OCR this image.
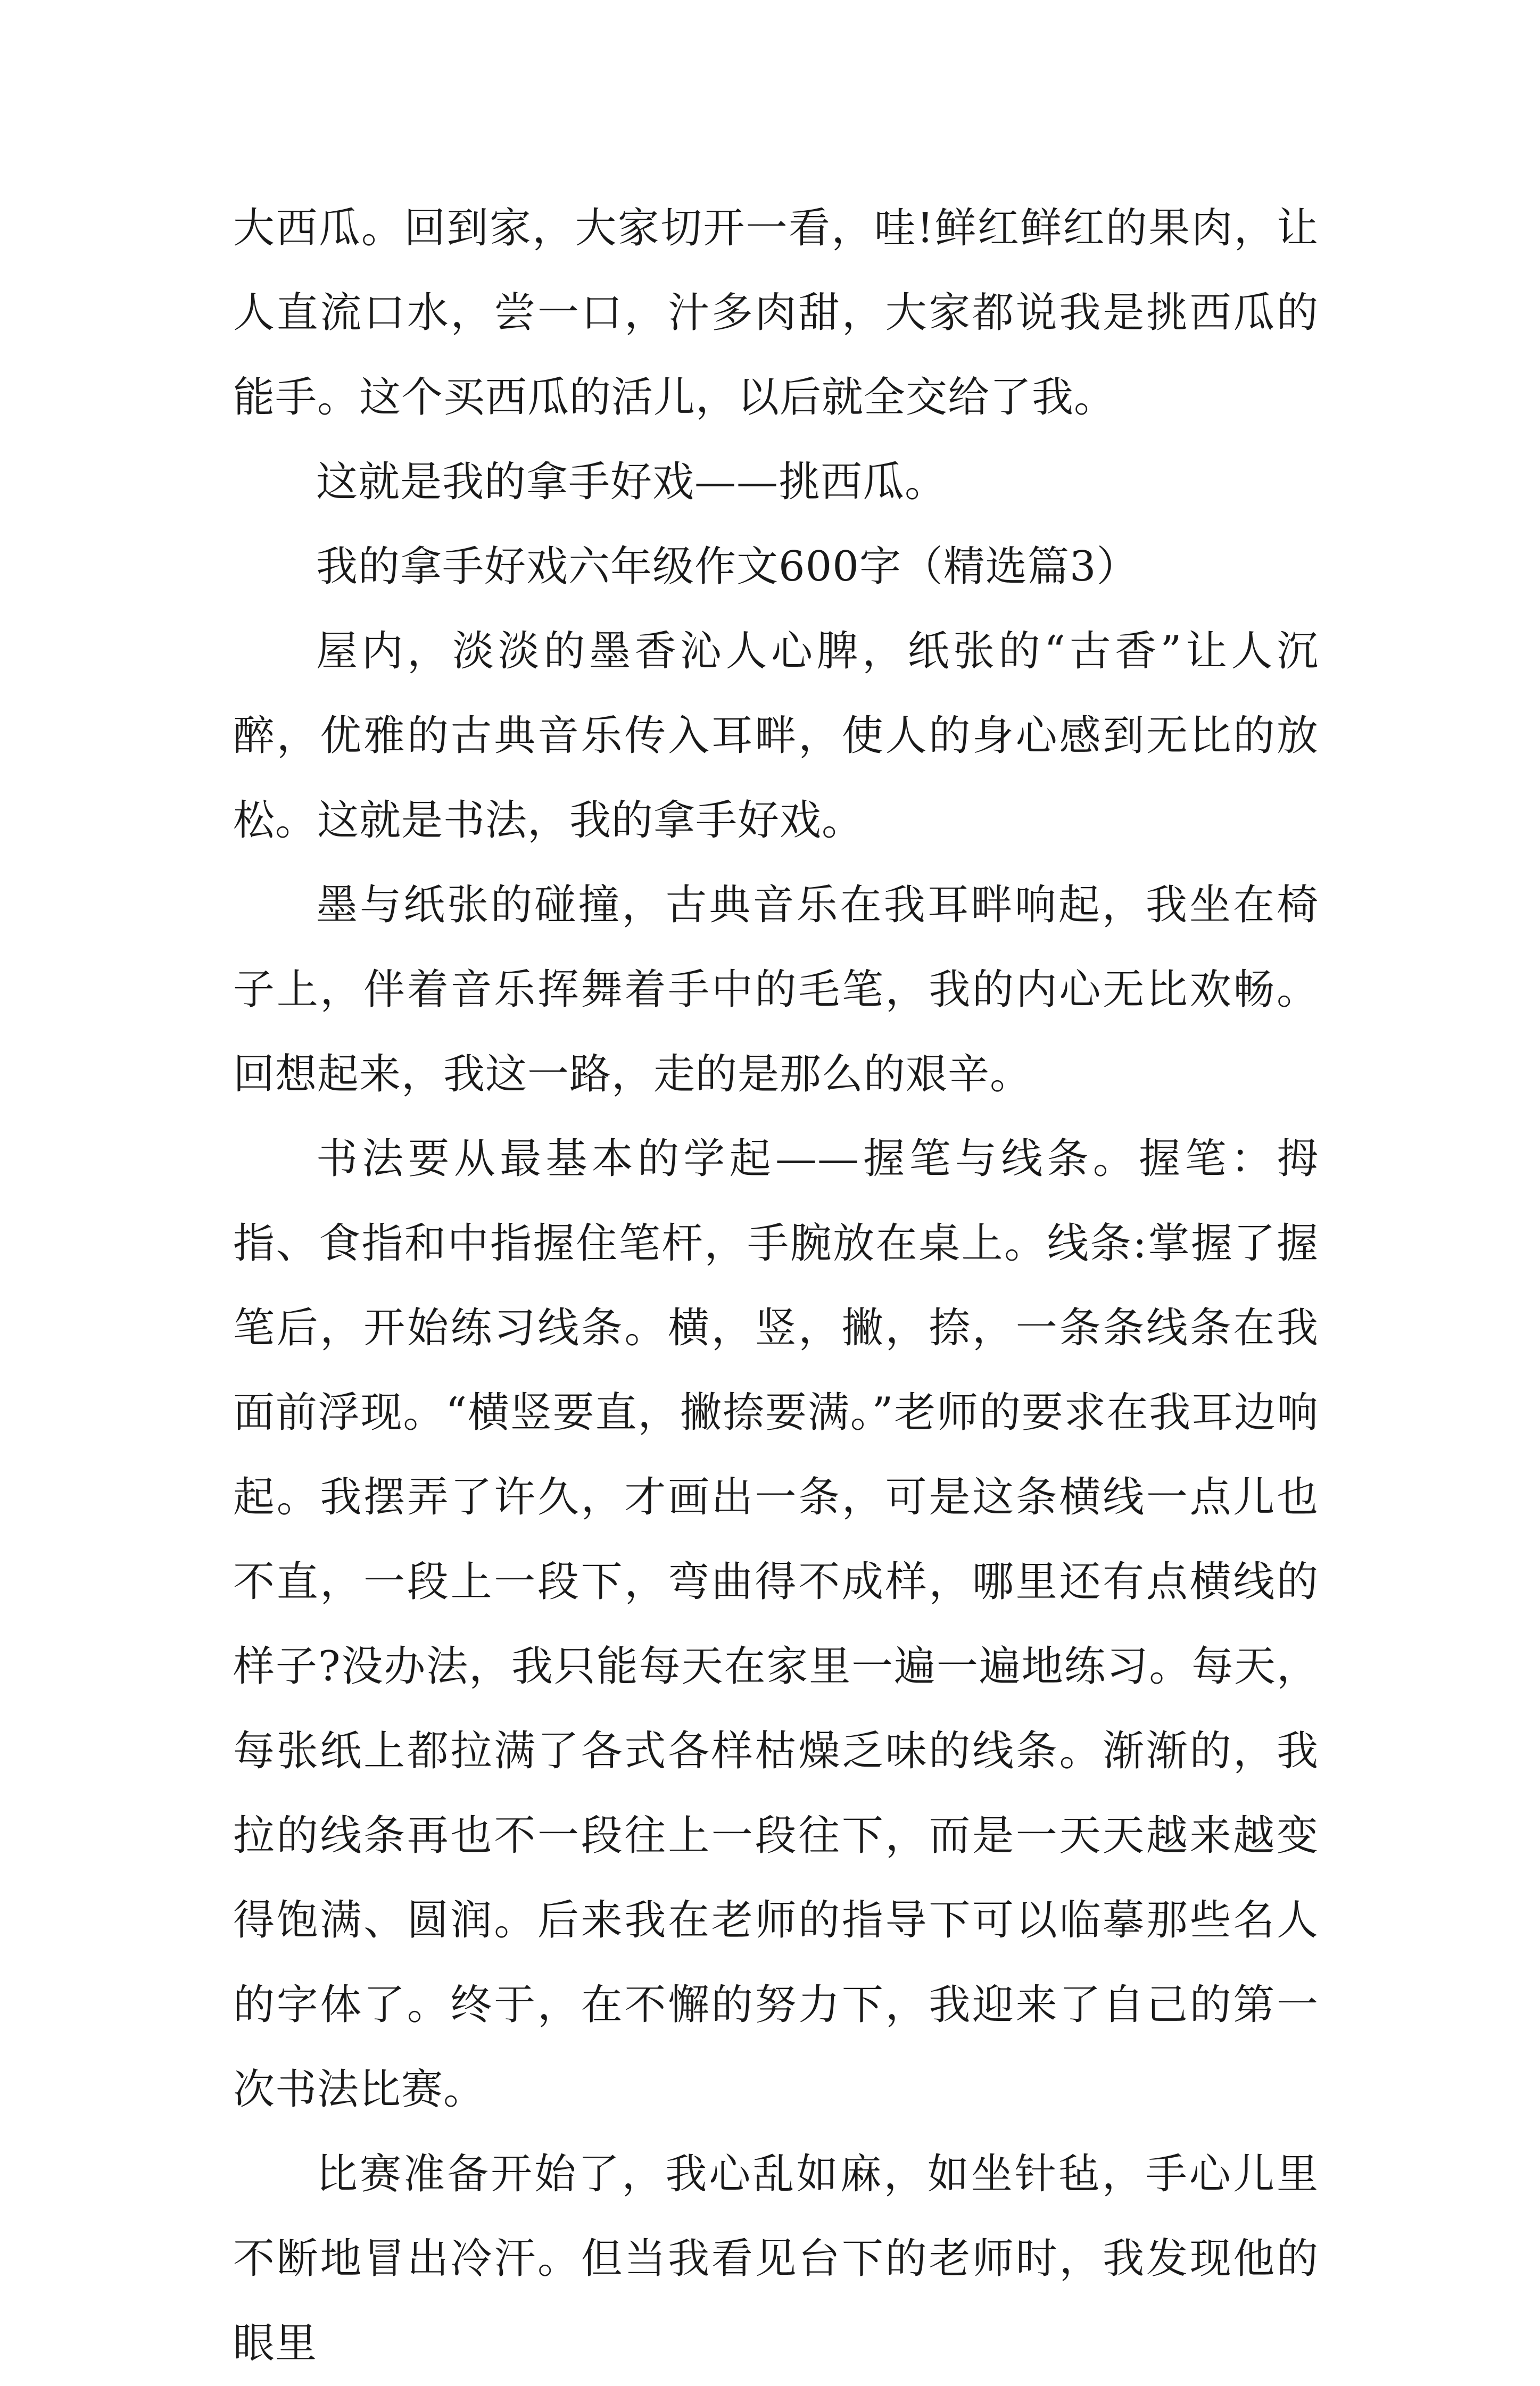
大西瓜。回到家，大家切开一看，哇!鲜红鲜红的果肉，让人直流口水，尝一口，汁多肉甜，大家都说我是挑西瓜的能手。这个买西瓜的活儿，以后就全交给了我。

这就是我的拿手好戏——挑西瓜。

我的拿手好戏六年级作文600字（精选篇3）

屋内，淡淡的墨香沁人心脾，纸张的“古香”让人沉醉，优雅的古典音乐传入耳畔，使人的身心感到无比的放松。这就是书法，我的拿手好戏。

墨与纸张的碰撞，古典音乐在我耳畔响起，我坐在椅子上，伴着音乐挥舞着手中的毛笔，我的内心无比欢畅。回想起来，我这一路，走的是那么的艰辛。

书法要从最基本的学起——握笔与线条。握笔：拇指、食指和中指握住笔杆，手腕放在桌上。线条:掌握了握笔后，开始练习线条。横，竖，撇，捺，一条条线条在我面前浮现。“横竖要直，撇捺要满。”老师的要求在我耳边响起。我摆弄了许久，才画出一条，可是这条横线一点儿也不直，一段上一段下，弯曲得不成样，哪里还有点横线的样子?没办法，我只能每天在家里一遍一遍地练习。每天，每张纸上都拉满了各式各样枯燥乏味的线条。渐渐的，我拉的线条再也不一段往上一段往下，而是一天天越来越变得饱满、圆润。后来我在老师的指导下可以临摹那些名人的字体了。终于，在不懈的努力下，我迎来了自己的第一次书法比赛。

比赛准备开始了，我心乱如麻，如坐针毡，手心儿里不断地冒出冷汗。但当我看见台下的老师时，我发现他的眼里
